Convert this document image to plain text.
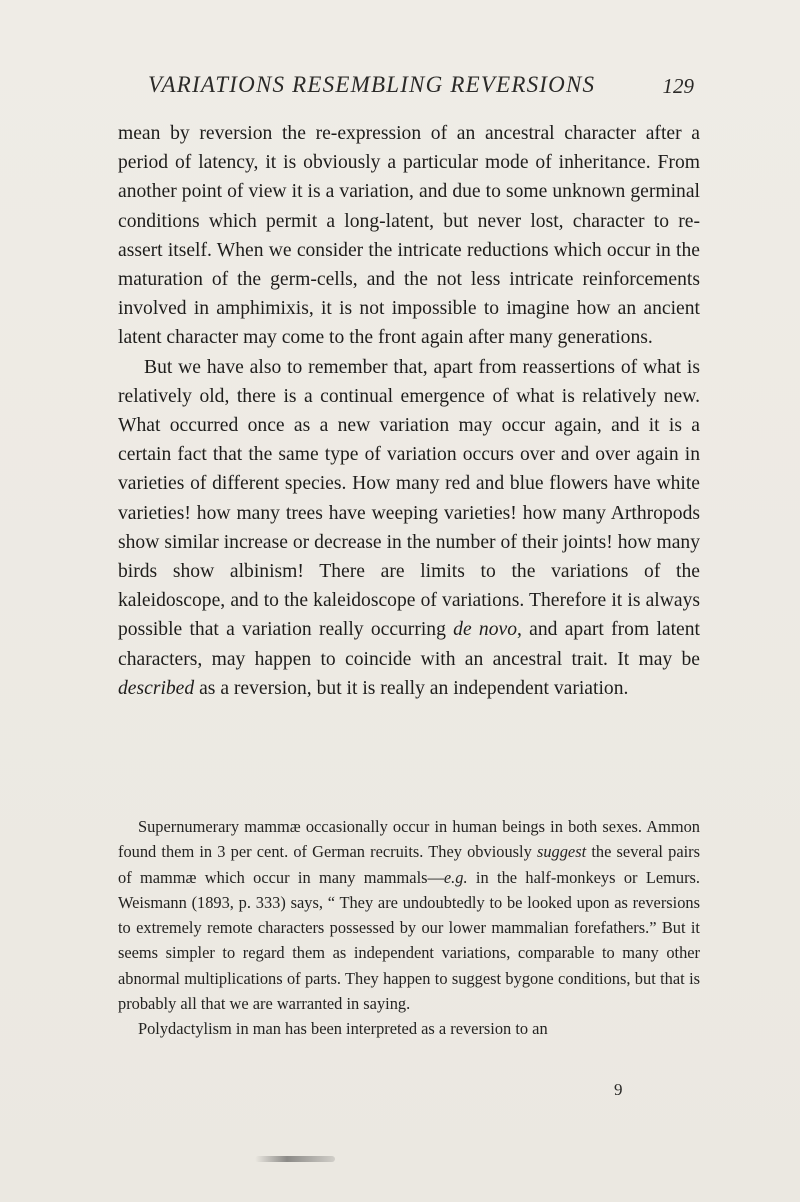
VARIATIONS RESEMBLING REVERSIONS	129

mean by reversion the re-expression of an ancestral character after a period of latency, it is obviously a particular mode of inheritance. From another point of view it is a variation, and due to some unknown germinal conditions which permit a long-latent, but never lost, character to re-assert itself. When we consider the intricate reductions which occur in the maturation of the germ-cells, and the not less intricate reinforcements involved in amphimixis, it is not impossible to imagine how an ancient latent character may come to the front again after many generations.

But we have also to remember that, apart from reassertions of what is relatively old, there is a continual emergence of what is relatively new. What occurred once as a new variation may occur again, and it is a certain fact that the same type of variation occurs over and over again in varieties of different species. How many red and blue flowers have white varieties! how many trees have weeping varieties! how many Arthropods show similar increase or decrease in the number of their joints! how many birds show albinism! There are limits to the variations of the kaleidoscope, and to the kaleidoscope of variations. Therefore it is always possible that a variation really occurring de novo, and apart from latent characters, may happen to coincide with an ancestral trait. It may be described as a reversion, but it is really an independent variation.

Supernumerary mammæ occasionally occur in human beings in both sexes. Ammon found them in 3 per cent. of German recruits. They obviously suggest the several pairs of mammæ which occur in many mammals—e.g. in the half-monkeys or Lemurs. Weismann (1893, p. 333) says, “ They are undoubtedly to be looked upon as reversions to extremely remote characters possessed by our lower mammalian forefathers.” But it seems simpler to regard them as independent variations, comparable to many other abnormal multiplications of parts. They happen to suggest bygone conditions, but that is probably all that we are warranted in saying.

Polydactylism in man has been interpreted as a reversion to an

9
